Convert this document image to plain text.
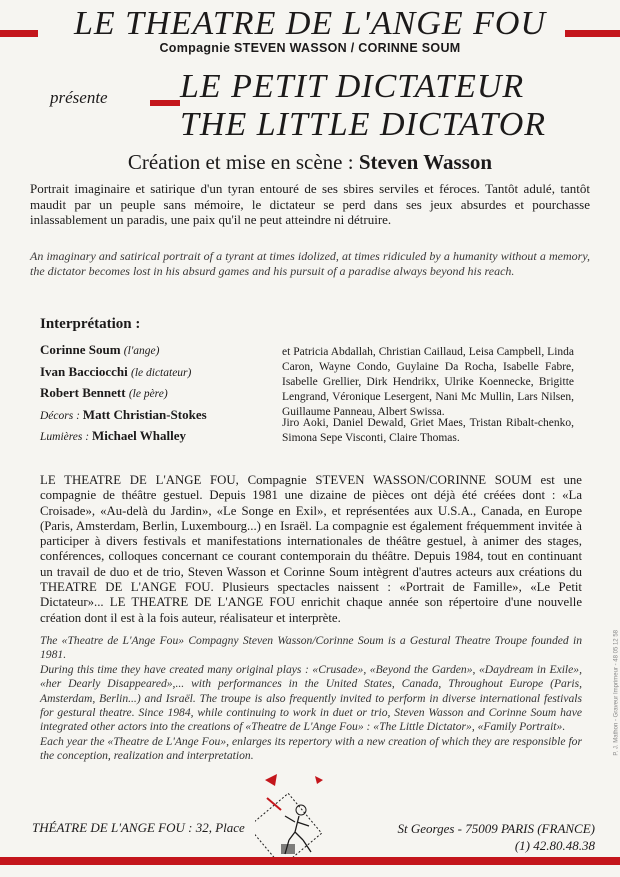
LE THEATRE DE L'ANGE FOU
Compagnie STEVEN WASSON / CORINNE SOUM
présente LE PETIT DICTATEUR
THE LITTLE DICTATOR
Création et mise en scène : Steven Wasson
Portrait imaginaire et satirique d'un tyran entouré de ses sbires serviles et féroces. Tantôt adulé, tantôt maudit par un peuple sans mémoire, le dictateur se perd dans ses jeux absurdes et pourchasse inlassablement un paradis, une paix qu'il ne peut atteindre ni détruire.
An imaginary and satirical portrait of a tyrant at times idolized, at times ridiculed by a humanity without a memory, the dictator becomes lost in his absurd games and his pursuit of a paradise always beyond his reach.
Interprétation :
Corinne Soum (l'ange)
Ivan Bacciocchi (le dictateur)
Robert Bennett (le père)
Décors : Matt Christian-Stokes
Lumières : Michael Whalley
et Patricia Abdallah, Christian Caillaud, Leisa Campbell, Linda Caron, Wayne Condo, Guylaine Da Rocha, Isabelle Fabre, Isabelle Grellier, Dirk Hendrikx, Ulrike Koennecke, Brigitte Lengrand, Véronique Lesergent, Nani Mc Mullin, Lars Nilsen, Guillaume Panneau, Albert Swissa.
Jiro Aoki, Daniel Dewald, Griet Maes, Tristan Ribalt-chenko, Simona Sepe Visconti, Claire Thomas.
LE THEATRE DE L'ANGE FOU, Compagnie STEVEN WASSON/CORINNE SOUM est une compagnie de théâtre gestuel. Depuis 1981 une dizaine de pièces ont déjà été créées dont : «La Croisade», «Au-delà du Jardin», «Le Songe en Exil», et représentées aux U.S.A., Canada, en Europe (Paris, Amsterdam, Berlin, Luxembourg...) en Israël. La compagnie est également fréquemment invitée à participer à divers festivals et manifestations internationales de théâtre gestuel, à animer des stages, conférences, colloques concernant ce courant contemporain du théâtre. Depuis 1984, tout en continuant un travail de duo et de trio, Steven Wasson et Corinne Soum intègrent d'autres acteurs aux créations du THEATRE DE L'ANGE FOU. Plusieurs spectacles naissent : «Portrait de Famille», «Le Petit Dictateur»... LE THEATRE DE L'ANGE FOU enrichit chaque année son répertoire d'une nouvelle création dont il est à la fois auteur, réalisateur et interprète.

The «Theatre de L'Ange Fou» Compagny Steven Wasson/Corinne Soum is a Gestural Theatre Troupe founded in 1981.

During this time they have created many original plays : «Crusade», «Beyond the Garden», «Daydream in Exile», «her Dearly Disappeared»,... with performances in the United States, Canada, Throughout Europe (Paris, Amsterdam, Berlin...) and Israël. The troupe is also frequently invited to perform in diverse international festivals for gestural theatre. Since 1984, while continuing to work in duet or trio, Steven Wasson and Corinne Soum have integrated other actors into the creations of «Theatre de L'Ange Fou» : «The Little Dictator», «Family Portrait».

Each year the «Theatre de L'Ange Fou», enlarges its repertory with a new creation of which they are responsible for the conception, realization and interpretation.

THÉATRE DE L'ANGE FOU : 32, Place	St Georges - 75009 PARIS (FRANCE)
(1) 42.80.48.38
P. J. Mathon - Graveur Imprimeur - 48 05 12 58
